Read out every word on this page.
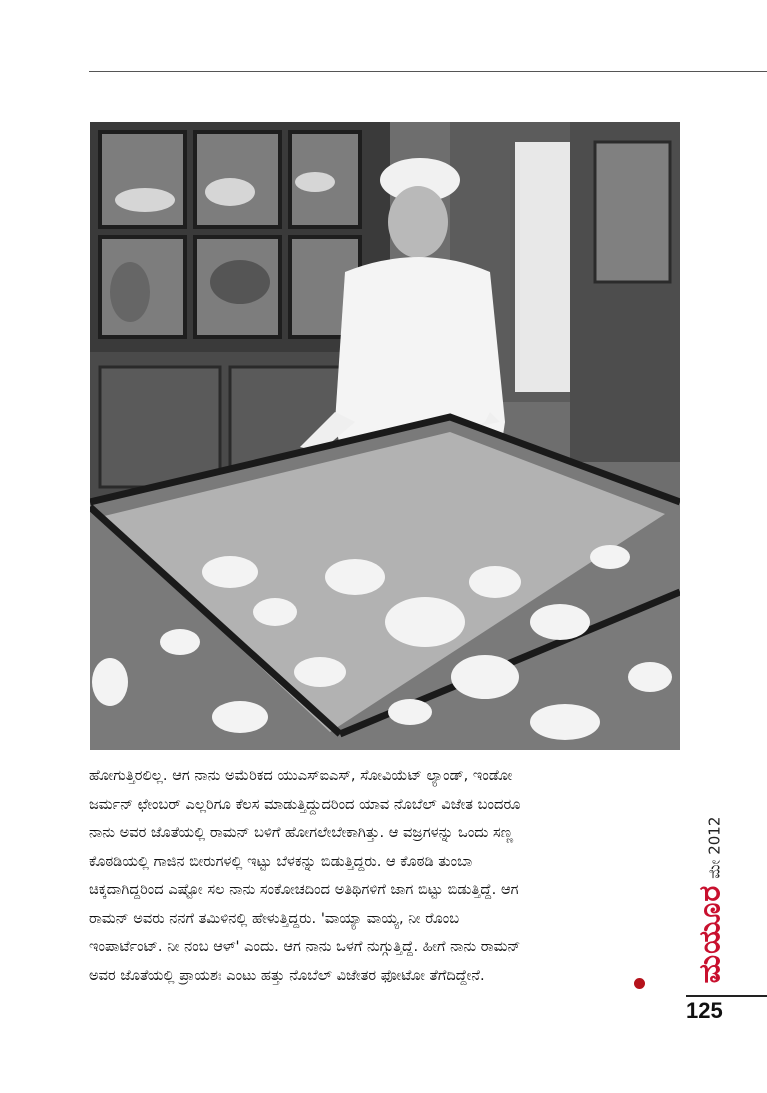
ಹೋಗುತ್ತಿರಲಿಲ್ಲ. ಆಗ ನಾನು ಅಮೆರಿಕದ ಯುಎಸ್‌ಐಎಸ್, ಸೋವಿಯೆಟ್ ಲ್ಯಾಂಡ್, ಇಂಡೋ
ಜರ್ಮನ್ ಛೇಂಬರ್ ಎಲ್ಲರಿಗೂ ಕೆಲಸ ಮಾಡುತ್ತಿದ್ದುದರಿಂದ ಯಾವ ನೊಬೆಲ್ ವಿಜೇತ ಬಂದರೂ
ನಾನು ಅವರ ಜೊತೆಯಲ್ಲಿ ರಾಮನ್ ಬಳಿಗೆ ಹೋಗಲೇಬೇಕಾಗಿತ್ತು. ಆ ವಜ್ರಗಳನ್ನು ಒಂದು ಸಣ್ಣ
ಕೊಠಡಿಯಲ್ಲಿ ಗಾಜಿನ ಬೀರುಗಳಲ್ಲಿ ಇಟ್ಟು ಬೆಳಕನ್ನು ಬಿಡುತ್ತಿದ್ದರು. ಆ ಕೊಠಡಿ ತುಂಬಾ
ಚಿಕ್ಕದಾಗಿದ್ದರಿಂದ ಎಷ್ಟೋ ಸಲ ನಾನು ಸಂಕೋಚದಿಂದ ಅತಿಥಿಗಳಿಗೆ ಜಾಗ ಬಿಟ್ಟು ಬಿಡುತ್ತಿದ್ದೆ. ಆಗ
ರಾಮನ್ ಅವರು ನನಗೆ ತಮಿಳಿನಲ್ಲಿ ಹೇಳುತ್ತಿದ್ದರು. 'ವಾಯ್ಯಾ ವಾಯ್ಯ, ನೀ ರೊಂಬ
ಇಂಪಾರ್ಟೆಂಟ್. ನೀ ನಂಬ ಆಳ್' ಎಂದು. ಆಗ ನಾನು ಒಳಗೆ ನುಗ್ಗುತ್ತಿದ್ದೆ. ಹೀಗೆ ನಾನು ರಾಮನ್
ಅವರ ಜೊತೆಯಲ್ಲಿ ಪ್ರಾಯಶಃ ಎಂಟು ಹತ್ತು ನೊಬೆಲ್ ವಿಜೇತರ ಫೋಟೋ ತೆಗೆದಿದ್ದೇನೆ.	ಮಯೂರ
ಮೇ 2012
125
